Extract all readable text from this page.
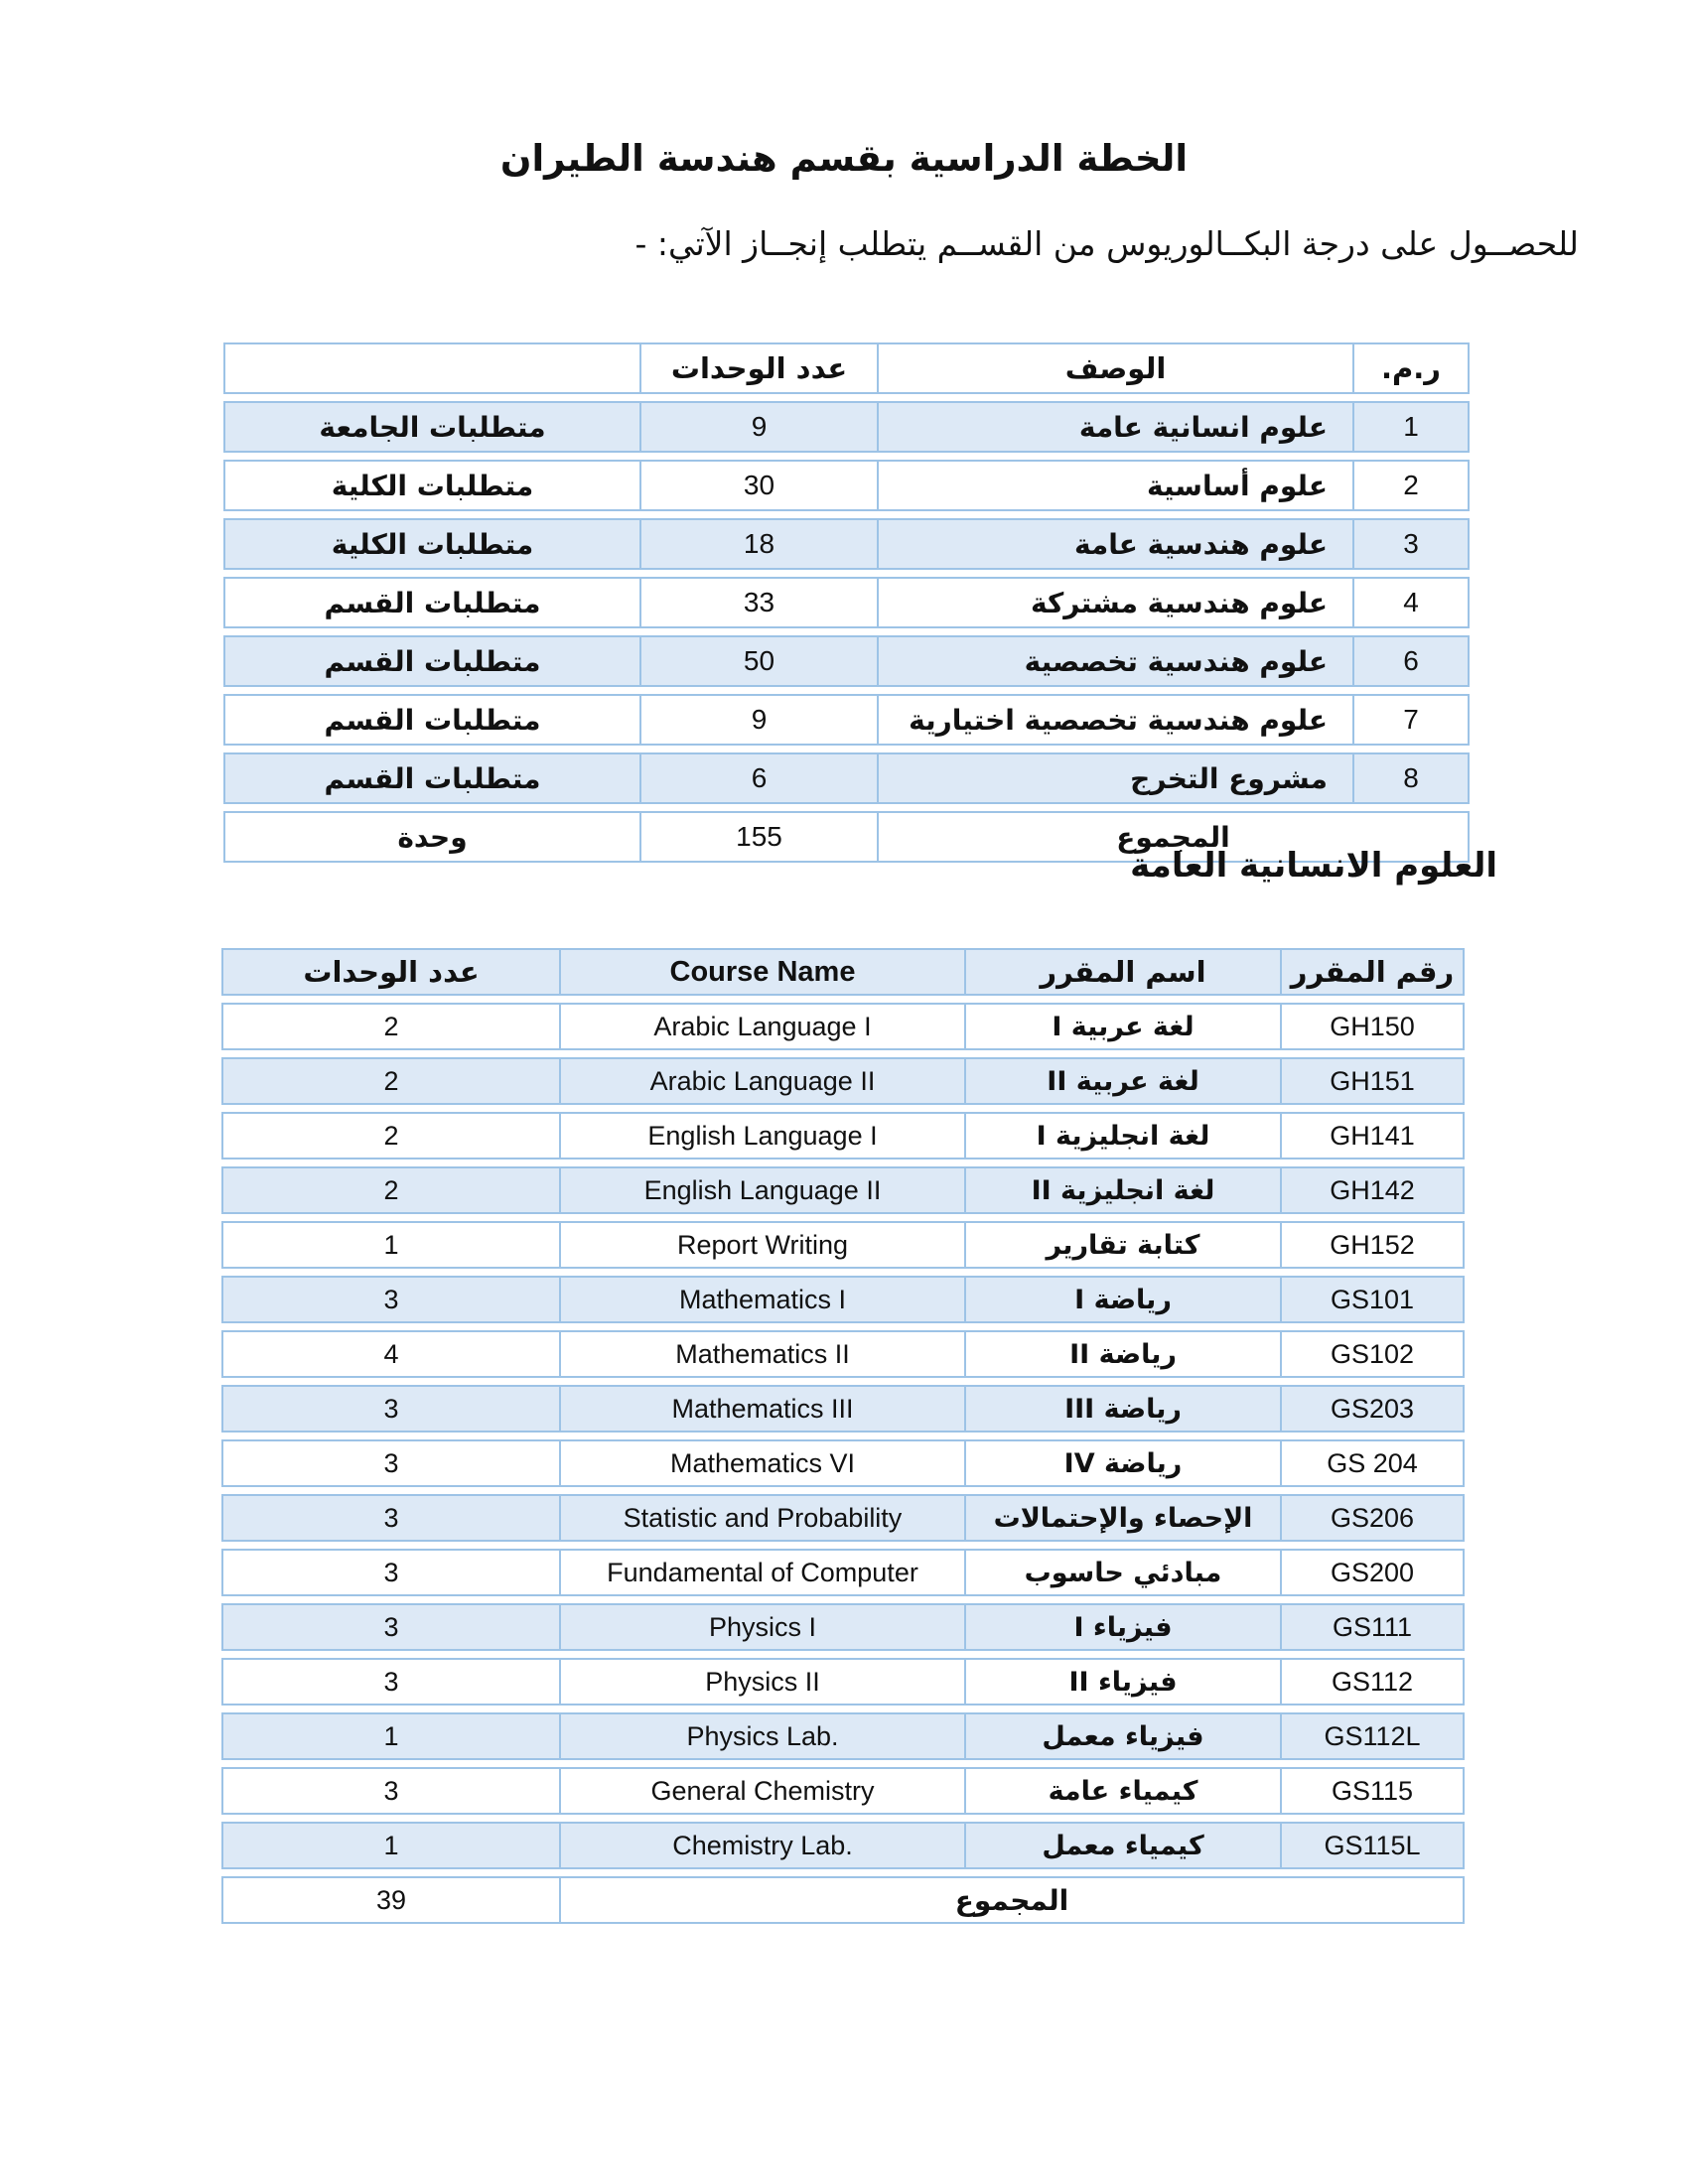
الخطة الدراسية بقسم هندسة الطيران

للحصــول على درجة البكــالوريوس من القســم يتطلب إنجــاز الآتي: -

	عدد الوحدات	الوصف	ر.م.
متطلبات الجامعة	9	علوم انسانية عامة	1
متطلبات الكلية	30	علوم أساسية	2
متطلبات الكلية	18	علوم هندسية عامة	3
متطلبات القسم	33	علوم هندسية مشتركة	4
متطلبات القسم	50	علوم هندسية تخصصية	6
متطلبات القسم	9	علوم هندسية تخصصية اختيارية	7
متطلبات القسم	6	مشروع التخرج	8
وحدة	155	المجموع	
العلوم الانسانية العامة
عدد الوحدات	Course Name	اسم المقرر	رقم المقرر
2	Arabic Language I	لغة عربية I	GH150
2	Arabic Language II	لغة عربية II	GH151
2	English Language I	لغة انجليزية I	GH141
2	English Language II	لغة انجليزية II	GH142
1	Report Writing	كتابة تقارير	GH152
3	Mathematics I	رياضة I	GS101
4	Mathematics II	رياضة II	GS102
3	Mathematics III	رياضة III	GS203
3	Mathematics VI	رياضة IV	GS 204
3	Statistic and Probability	الإحصاء والإحتمالات	GS206
3	Fundamental of Computer	مبادئي حاسوب	GS200
3	Physics I	فيزياء I	GS111
3	Physics II	فيزياء II	GS112
1	Physics Lab.	فيزياء معمل	GS112L
3	General Chemistry	كيمياء عامة	GS115
1	Chemistry Lab.	كيمياء معمل	GS115L
39	المجموع		
